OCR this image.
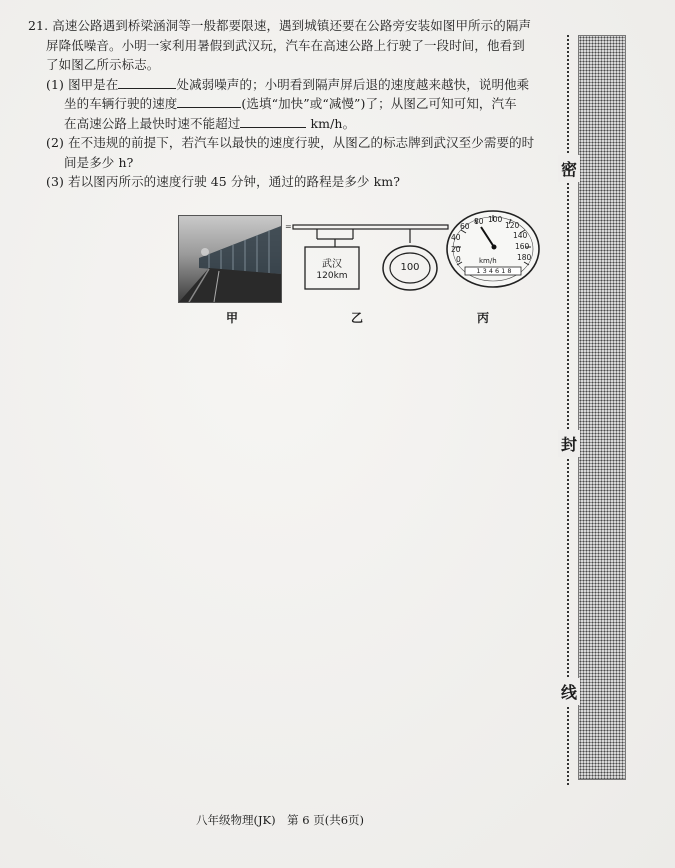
21. 高速公路遇到桥梁涵洞等一般都要限速，遇到城镇还要在公路旁安装如图甲所示的隔声

屏降低噪音。小明一家利用暑假到武汉玩，汽车在高速公路上行驶了一段时间，他看到

了如图乙所示标志。

(1) 图甲是在	处减弱噪声的；小明看到隔声屏后退的速度越来越快，说明他乘

坐的车辆行驶的速度	(选填“加快”或“减慢”)了；从图乙可知可知，汽车

在高速公路上最快时速不能超过	km/h。

(2) 在不违规的前提下，若汽车以最快的速度行驶，从图乙的标志牌到武汉至少需要的时

间是多少 h?

(3) 若以图丙所示的速度行驶 45 分钟，通过的路程是多少 km?

甲
=
武汉
120km
100
乙
20
40
60
80 100
120
140
160
180
0	km/h
1 3 4 6 1 8
丙
密
封
线
八年级物理(JK)　第 6 页(共6页)
